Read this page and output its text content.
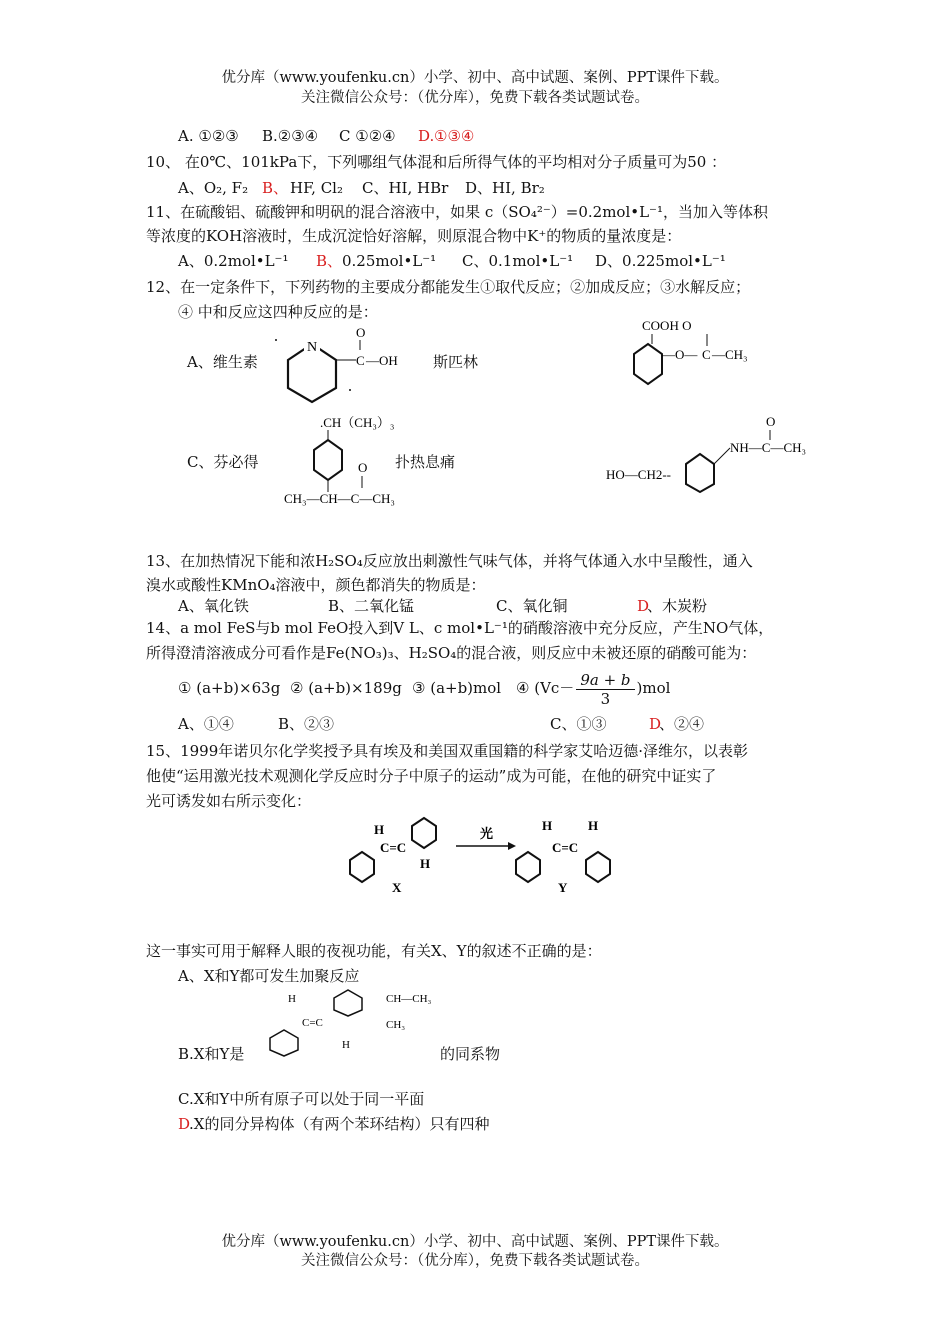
优分库（www.youfenku.cn）小学、初中、高中试题、案例、PPT课件下载。
关注微信公众号：（优分库），免费下载各类试题试卷。
A. ①②③ B.②③④ C ①②④ D. ①③④
10、 在0℃、101kPa下，下列哪组气体混和后所得气体的平均相对分子质量可为50 ：
A、O₂, F₂ B、 HF, Cl₂ C、HI, HBr D、HI, Br₂
11、在硫酸铝、硫酸钾和明矾的混合溶液中，如果 c（SO₄²⁻）=0.2mol•L⁻¹，当加入等体积
等浓度的KOH溶液时，生成沉淀恰好溶解，则原混合物中K⁺的物质的量浓度是：
A、0.2mol•L⁻¹ B、 0.25mol•L⁻¹ C、0.1mol•L⁻¹ D、0.225mol•L⁻¹
12、在一定条件下，下列药物的主要成分都能发生①取代反应；②加成反应；③水解反应；
④ 中和反应这四种反应的是：
A、维生素	斯匹林
C、芬必得	扑热息痛
N
O
C —OH
COOH O
—O— C —CH₃
.CH（CH₃）₃
O
CH₃—CH—C—CH₃
O
NH—C—CH₃
HO—CH2--
13、在加热情况下能和浓H₂SO₄反应放出刺激性气味气体，并将气体通入水中呈酸性，通入
溴水或酸性KMnO₄溶液中，颜色都消失的物质是：
A、氧化铁	B、二氧化锰	C、氧化铜	D
、木炭粉
14、a mol FeS与b mol FeO投入到V L、c mol•L⁻¹的硝酸溶液中充分反应，产生NO气体，
所得澄清溶液成分可看作是Fe(NO₃)₃、H₂SO₄的混合液，则反应中未被还原的硝酸可能为：
① (a+b)×63g ② (a+b)×189g ③ (a+b)mol ④ $(Vc- \frac{9a + b}{3} )mol$
A、①④	B、②③	C、①③	D
、②④
15、1999年诺贝尔化学奖授予具有埃及和美国双重国籍的科学家艾哈迈德·泽维尔，以表彰
他使“运用激光技术观测化学反应时分子中原子的运动”成为可能，在他的研究中证实了
光可诱发如右所示变化：
H
C=C
H
X
光
H	H
C=C
Y
这一事实可用于解释人眼的夜视功能，有关X、Y的叙述不正确的是：
A、X和Y都可发生加聚反应
H
C=C
H
CH—CH₃
CH₃
B.X和Y是	的同系物
C.X和Y中所有原子可以处于同一平面
D
.X的同分异构体（有两个苯环结构）只有四种
优分库（www.youfenku.cn）小学、初中、高中试题、案例、PPT课件下载。
关注微信公众号：（优分库），免费下载各类试题试卷。
